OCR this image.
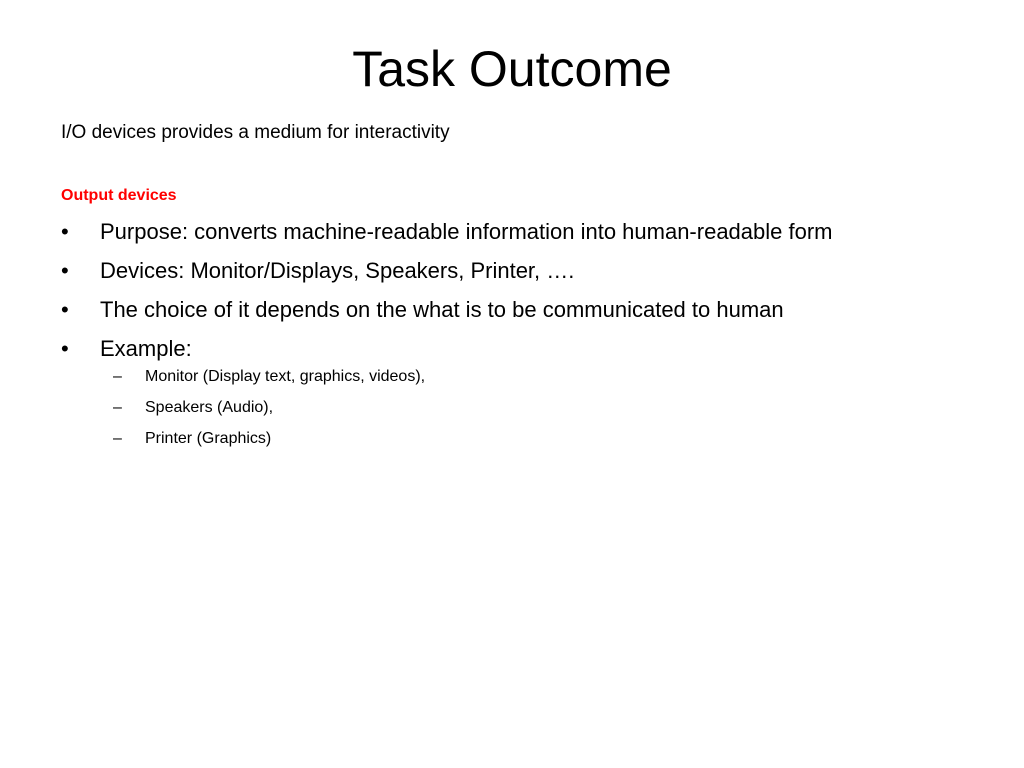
Task Outcome
I/O devices provides a medium for interactivity
Output devices
•	Purpose: converts machine-readable information into human-readable form
•	Devices: Monitor/Displays, Speakers, Printer, ….
•	The choice of it depends on the what is to be communicated to human
•	Example:
– Monitor (Display text, graphics, videos),
– Speakers (Audio),
– Printer (Graphics)
